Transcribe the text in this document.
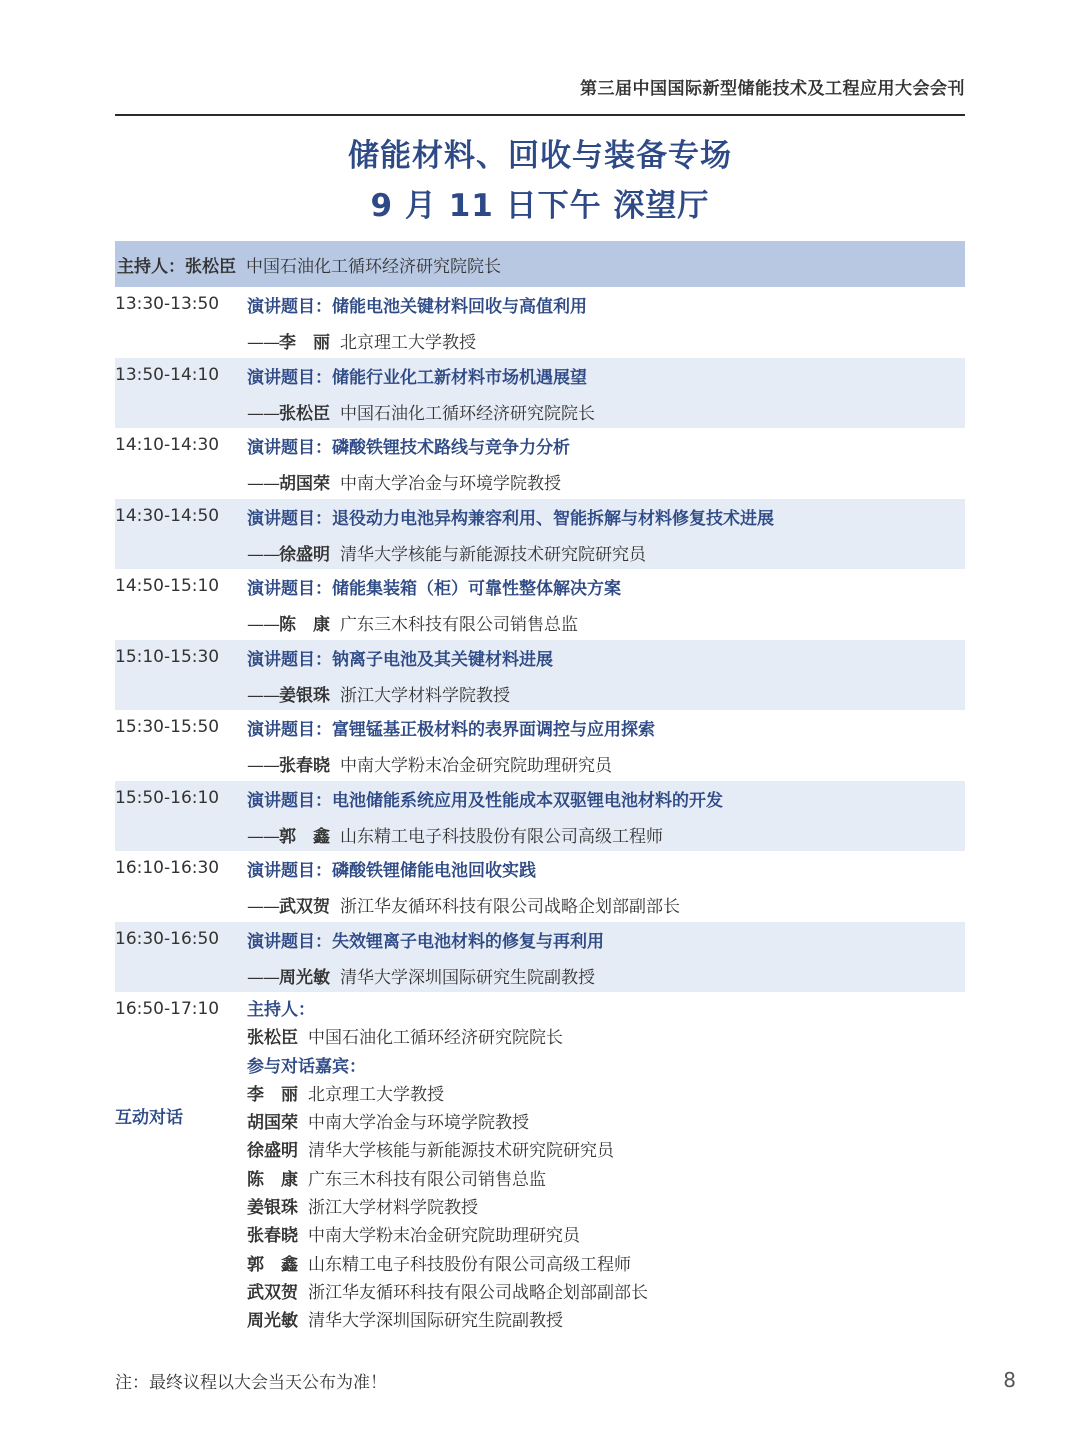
第三届中国国际新型储能技术及工程应用大会会刊
储能材料、回收与装备专场
9 月 11 日下午 深望厅
主持人： 张松臣 中国石油化工循环经济研究院院长
13:30-13:50 演讲题目：储能电池关键材料回收与高值利用
——李　丽 北京理工大学教授
13:50-14:10 演讲题目：储能行业化工新材料市场机遇展望
——张松臣 中国石油化工循环经济研究院院长
14:10-14:30 演讲题目：磷酸铁锂技术路线与竞争力分析
——胡国荣 中南大学冶金与环境学院教授
14:30-14:50 演讲题目：退役动力电池异构兼容利用、智能拆解与材料修复技术进展
——徐盛明 清华大学核能与新能源技术研究院研究员
14:50-15:10 演讲题目：储能集装箱（柜）可靠性整体解决方案
——陈　康 广东三木科技有限公司销售总监
15:10-15:30 演讲题目：钠离子电池及其关键材料进展
——姜银珠 浙江大学材料学院教授
15:30-15:50 演讲题目：富锂锰基正极材料的表界面调控与应用探索
——张春晓 中南大学粉末冶金研究院助理研究员
15:50-16:10 演讲题目：电池储能系统应用及性能成本双驱锂电池材料的开发
——郭　鑫 山东精工电子科技股份有限公司高级工程师
16:10-16:30 演讲题目：磷酸铁锂储能电池回收实践
——武双贺 浙江华友循环科技有限公司战略企划部副部长
16:30-16:50 演讲题目：失效锂离子电池材料的修复与再利用
——周光敏 清华大学深圳国际研究生院副教授
16:50-17:10
互动对话
主持人：
张松臣 中国石油化工循环经济研究院院长
参与对话嘉宾：
李　丽 北京理工大学教授
胡国荣 中南大学冶金与环境学院教授
徐盛明 清华大学核能与新能源技术研究院研究员
陈　康 广东三木科技有限公司销售总监
姜银珠 浙江大学材料学院教授
张春晓 中南大学粉末冶金研究院助理研究员
郭　鑫 山东精工电子科技股份有限公司高级工程师
武双贺 浙江华友循环科技有限公司战略企划部副部长
周光敏 清华大学深圳国际研究生院副教授
注：最终议程以大会当天公布为准！	8
